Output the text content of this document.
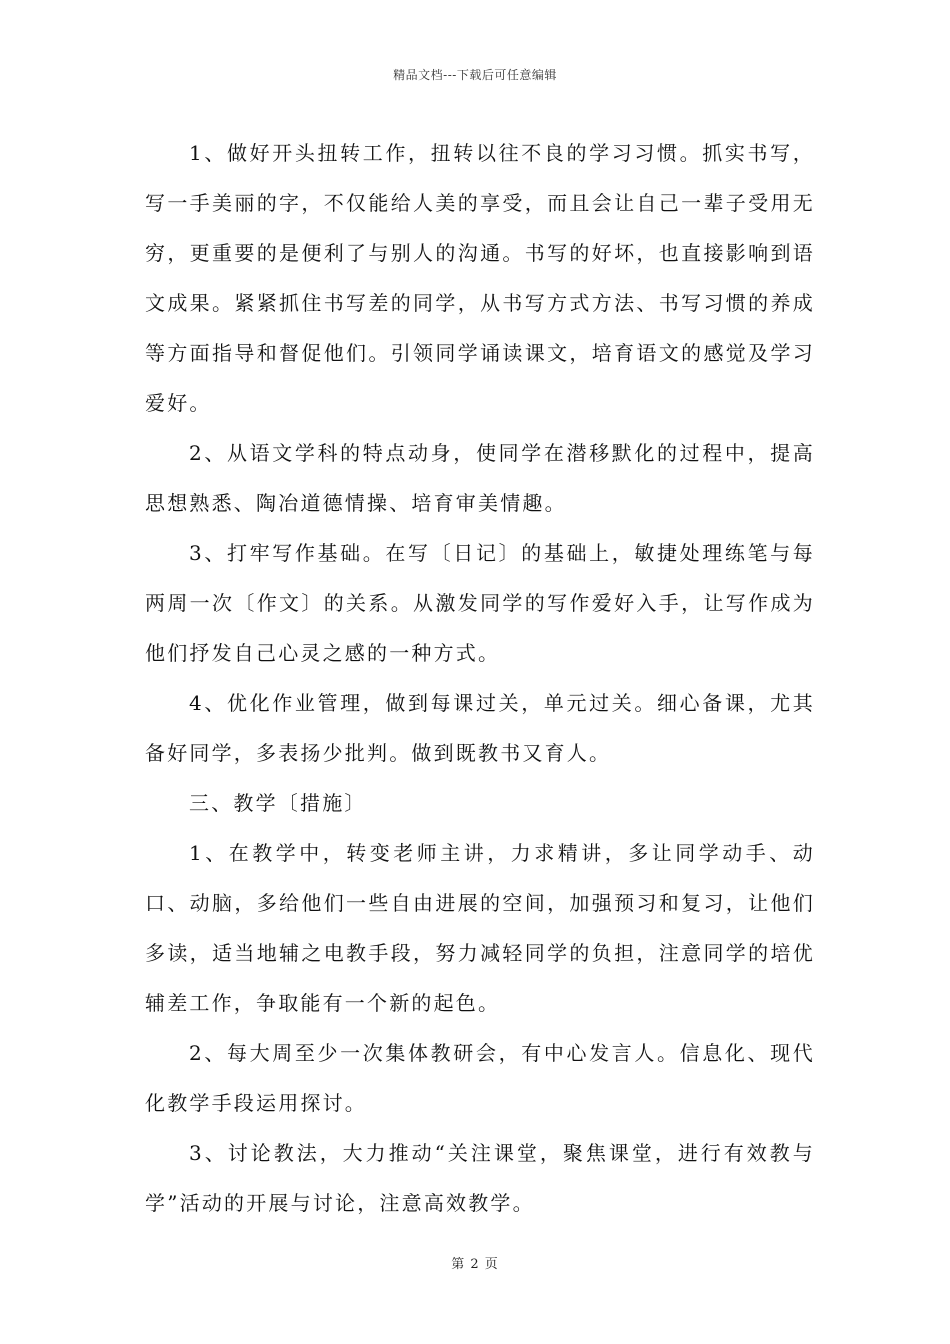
精品文档---下载后可任意编辑

1、做好开头扭转工作，扭转以往不良的学习习惯。抓实书写，写一手美丽的字，不仅能给人美的享受，而且会让自己一辈子受用无穷，更重要的是便利了与别人的沟通。书写的好坏，也直接影响到语文成果。紧紧抓住书写差的同学，从书写方式方法、书写习惯的养成等方面指导和督促他们。引领同学诵读课文，培育语文的感觉及学习爱好。

2、从语文学科的特点动身，使同学在潜移默化的过程中，提高思想熟悉、陶冶道德情操、培育审美情趣。

3、打牢写作基础。在写〔日记〕的基础上，敏捷处理练笔与每两周一次〔作文〕的关系。从激发同学的写作爱好入手，让写作成为他们抒发自己心灵之感的一种方式。

4、优化作业管理，做到每课过关，单元过关。细心备课，尤其备好同学，多表扬少批判。做到既教书又育人。

三、教学〔措施〕

1、在教学中，转变老师主讲，力求精讲，多让同学动手、动口、动脑，多给他们一些自由进展的空间，加强预习和复习，让他们多读，适当地辅之电教手段，努力减轻同学的负担，注意同学的培优辅差工作，争取能有一个新的起色。

2、每大周至少一次集体教研会，有中心发言人。信息化、现代化教学手段运用探讨。

3、讨论教法，大力推动“关注课堂，聚焦课堂，进行有效教与学”活动的开展与讨论，注意高效教学。

第 2 页
